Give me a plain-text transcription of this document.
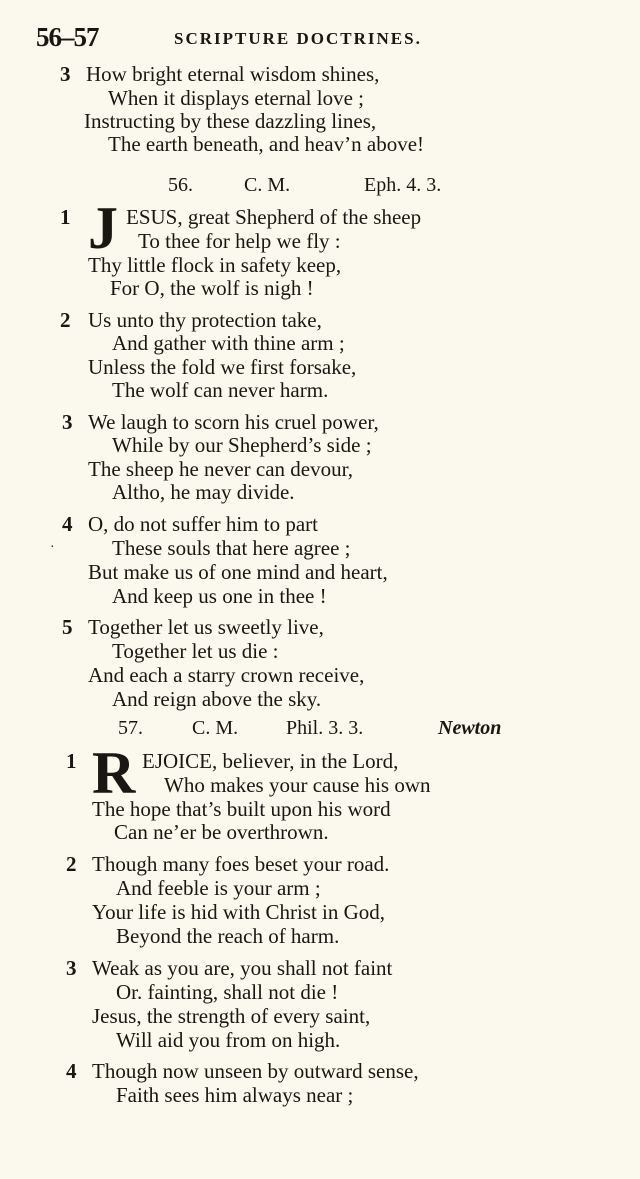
56–57	SCRIPTURE DOCTRINES.
3 How bright eternal wisdom shines,
When it displays eternal love ;
Instructing by these dazzling lines,
The earth beneath, and heav’n above!
56.	C. M.	Eph. 4. 3.
1 J ESUS, great Shepherd of the sheep
To thee for help we fly :
Thy little flock in safety keep,
For O, the wolf is nigh !
2 Us unto thy protection take,
And gather with thine arm ;
Unless the fold we first forsake,
The wolf can never harm.
3 We laugh to scorn his cruel power,
While by our Shepherd’s side ;
The sheep he never can devour,
Altho, he may divide.
4 O, do not suffer him to part
·	These souls that here agree ;
But make us of one mind and heart,
And keep us one in thee !
5 Together let us sweetly live,
Together let us die :
And each a starry crown receive,
And reign above the sky.
57. C. M. Phil. 3. 3.	Newton
1 R EJOICE, believer, in the Lord,
Who makes your cause his own
The hope that’s built upon his word
Can ne’er be overthrown.
2 Though many foes beset your road.
And feeble is your arm ;
Your life is hid with Christ in God,
Beyond the reach of harm.
3 Weak as you are, you shall not faint
Or. fainting, shall not die !
Jesus, the strength of every saint,
Will aid you from on high.
4 Though now unseen by outward sense,
Faith sees him always near ;
